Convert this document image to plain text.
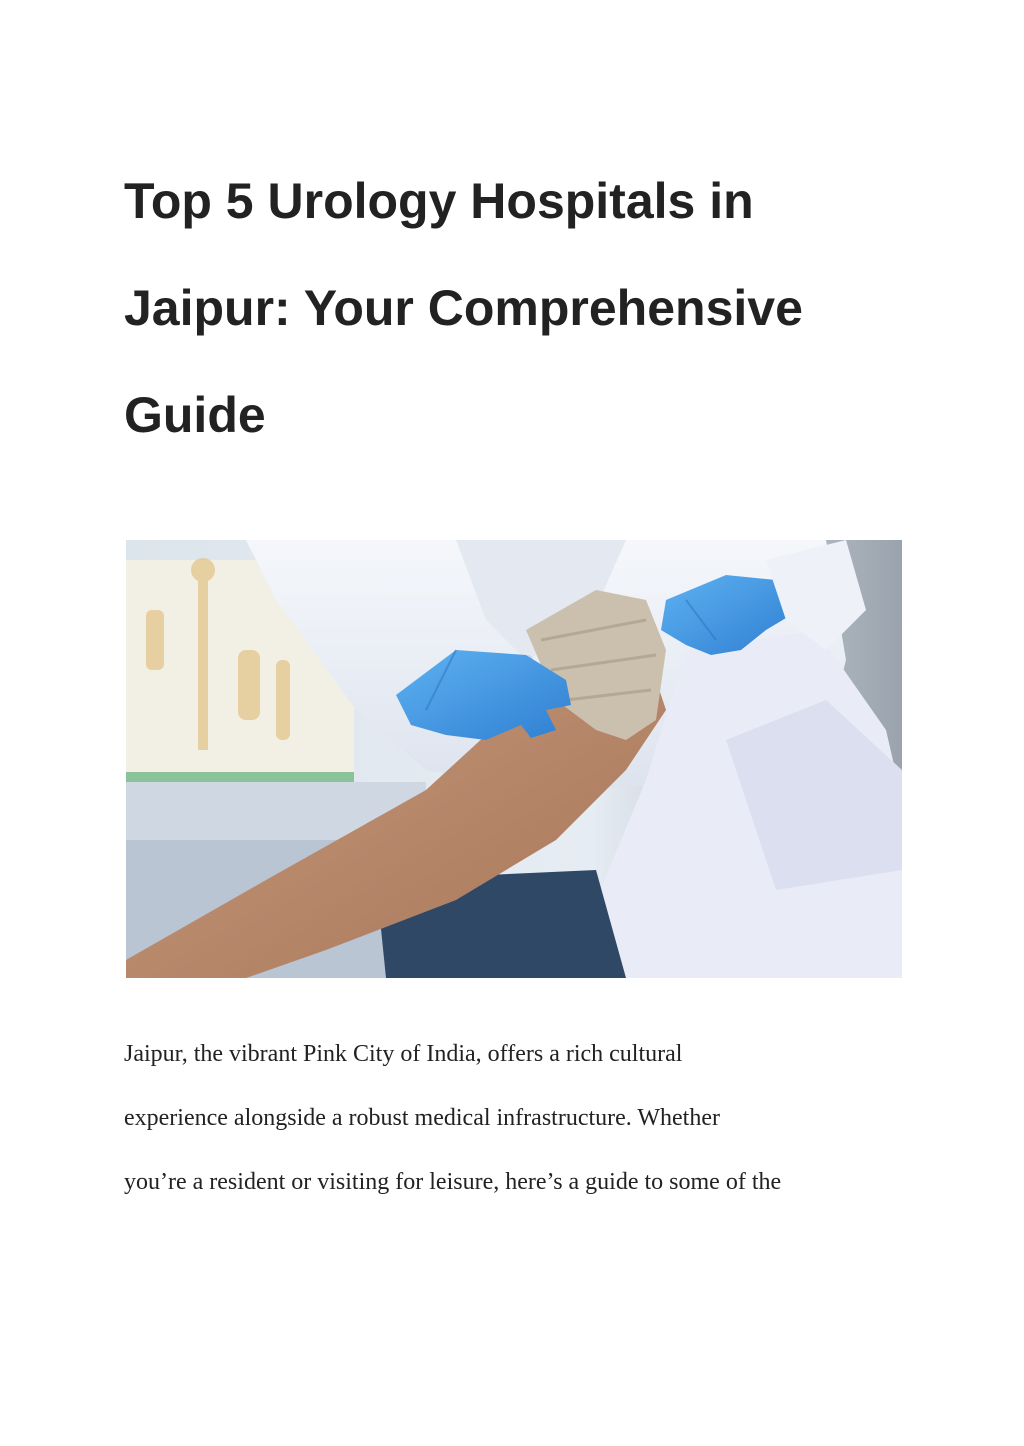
Top 5 Urology Hospitals in
Jaipur: Your Comprehensive
Guide

Jaipur, the vibrant Pink City of India, offers a rich cultural
experience alongside a robust medical infrastructure. Whether
you’re a resident or visiting for leisure, here’s a guide to some of the
